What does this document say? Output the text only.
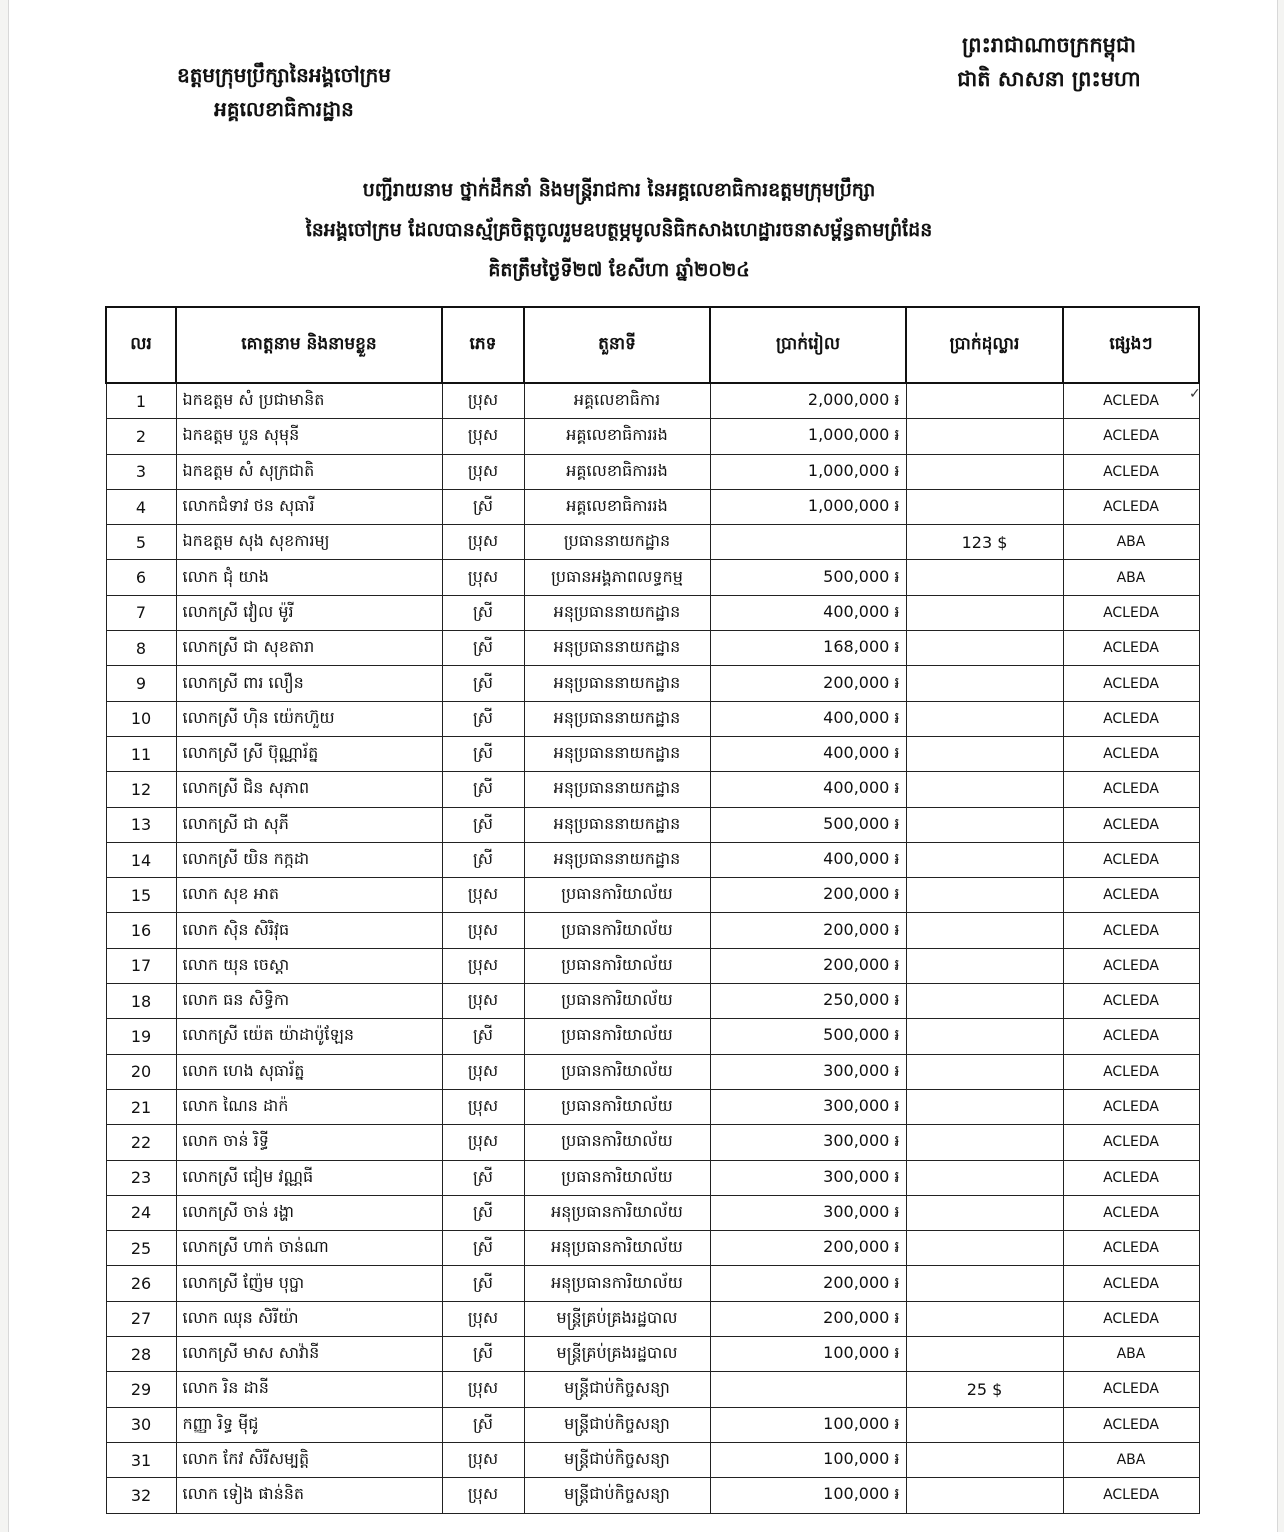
ឧត្តមក្រុមប្រឹក្សានៃអង្គចៅក្រម
អគ្គលេខាធិការដ្ឋាន
ព្រះរាជាណាចក្រកម្ពុជា
ជាតិ សាសនា ព្រះមហា
បញ្ជីរាយនាម ថ្នាក់ដឹកនាំ និងមន្ត្រីរាជការ នៃអគ្គលេខាធិការឧត្តមក្រុមប្រឹក្សា
នៃអង្គចៅក្រម ដែលបានស្ម័គ្រចិត្តចូលរួមឧបត្ថម្ភមូលនិធិកសាងហេដ្ឋារចនាសម្ព័ន្ធតាមព្រំដែន
គិតត្រឹមថ្ងៃទី២៧ ខែសីហា ឆ្នាំ២០២៤
លរ	គោត្តនាម និងនាមខ្លួន	ភេទ	តួនាទី	ប្រាក់រៀល	ប្រាក់ដុល្លារ	ផ្សេងៗ
1	ឯកឧត្តម សំ ប្រជាមានិត	ប្រុស	អគ្គលេខាធិការ	2,000,000 ៛		ACLEDA
2	ឯកឧត្តម បួន សុមុនី	ប្រុស	អគ្គលេខាធិការរង	1,000,000 ៛		ACLEDA
3	ឯកឧត្តម សំ សុក្រជាតិ	ប្រុស	អគ្គលេខាធិការរង	1,000,000 ៛		ACLEDA
4	លោកជំទាវ ថន សុធារី	ស្រី	អគ្គលេខាធិការរង	1,000,000 ៛		ACLEDA
5	ឯកឧត្តម សុង សុខការម្យ	ប្រុស	ប្រធាននាយកដ្ឋាន		123 $	ABA
6	លោក ជុំ យាង	ប្រុស	ប្រធានអង្គភាពលទ្ធកម្ម	500,000 ៛		ABA
7	លោកស្រី វៀល ម៉ូរី	ស្រី	អនុប្រធាននាយកដ្ឋាន	400,000 ៛		ACLEDA
8	លោកស្រី ជា សុខតារា	ស្រី	អនុប្រធាននាយកដ្ឋាន	168,000 ៛		ACLEDA
9	លោកស្រី ពារ លឿន	ស្រី	អនុប្រធាននាយកដ្ឋាន	200,000 ៛		ACLEDA
10	លោកស្រី ហ៊ិន យ៉េកហ៊ួយ	ស្រី	អនុប្រធាននាយកដ្ឋាន	400,000 ៛		ACLEDA
11	លោកស្រី ស្រី ប៊ុណ្ណារ័ត្ន	ស្រី	អនុប្រធាននាយកដ្ឋាន	400,000 ៛		ACLEDA
12	លោកស្រី ជិន សុភាព	ស្រី	អនុប្រធាននាយកដ្ឋាន	400,000 ៛		ACLEDA
13	លោកស្រី ជា សុភី	ស្រី	អនុប្រធាននាយកដ្ឋាន	500,000 ៛		ACLEDA
14	លោកស្រី យិន កក្កដា	ស្រី	អនុប្រធាននាយកដ្ឋាន	400,000 ៛		ACLEDA
15	លោក សុខ អាត	ប្រុស	ប្រធានការិយាល័យ	200,000 ៛		ACLEDA
16	លោក ស៊ិន សិរិវុធ	ប្រុស	ប្រធានការិយាល័យ	200,000 ៛		ACLEDA
17	លោក យុន ចេស្តា	ប្រុស	ប្រធានការិយាល័យ	200,000 ៛		ACLEDA
18	លោក ធន សិទ្ធិកា	ប្រុស	ប្រធានការិយាល័យ	250,000 ៛		ACLEDA
19	លោកស្រី យ៉េត យ៉ាដាប៉ូឡែន	ស្រី	ប្រធានការិយាល័យ	500,000 ៛		ACLEDA
20	លោក ហេង សុធារ័ត្ន	ប្រុស	ប្រធានការិយាល័យ	300,000 ៛		ACLEDA
21	លោក ណៃន ដាក៉	ប្រុស	ប្រធានការិយាល័យ	300,000 ៛		ACLEDA
22	លោក ចាន់ រិទ្ធី	ប្រុស	ប្រធានការិយាល័យ	300,000 ៛		ACLEDA
23	លោកស្រី ជៀម វណ្ណធី	ស្រី	ប្រធានការិយាល័យ	300,000 ៛		ACLEDA
24	លោកស្រី ចាន់ រង្ហា	ស្រី	អនុប្រធានការិយាល័យ	300,000 ៛		ACLEDA
25	លោកស្រី ហាក់ ចាន់ណា	ស្រី	អនុប្រធានការិយាល័យ	200,000 ៛		ACLEDA
26	លោកស្រី ញ៉ែម បុប្ផា	ស្រី	អនុប្រធានការិយាល័យ	200,000 ៛		ACLEDA
27	លោក ឈុន សិរីយ៉ា	ប្រុស	មន្ត្រីគ្រប់គ្រងរដ្ឋបាល	200,000 ៛		ACLEDA
28	លោកស្រី មាស សាវ៉ានី	ស្រី	មន្ត្រីគ្រប់គ្រងរដ្ឋបាល	100,000 ៛		ABA
29	លោក រិន ដានី	ប្រុស	មន្ត្រីជាប់កិច្ចសន្យា		25 $	ACLEDA
30	កញ្ញា រិទ្ធ ម៉ីជូ	ស្រី	មន្ត្រីជាប់កិច្ចសន្យា	100,000 ៛		ACLEDA
31	លោក កែវ សិរីសម្បត្តិ	ប្រុស	មន្ត្រីជាប់កិច្ចសន្យា	100,000 ៛		ABA
32	លោក ទៀង ផាន់និត	ប្រុស	មន្ត្រីជាប់កិច្ចសន្យា	100,000 ៛		ACLEDA
✓
